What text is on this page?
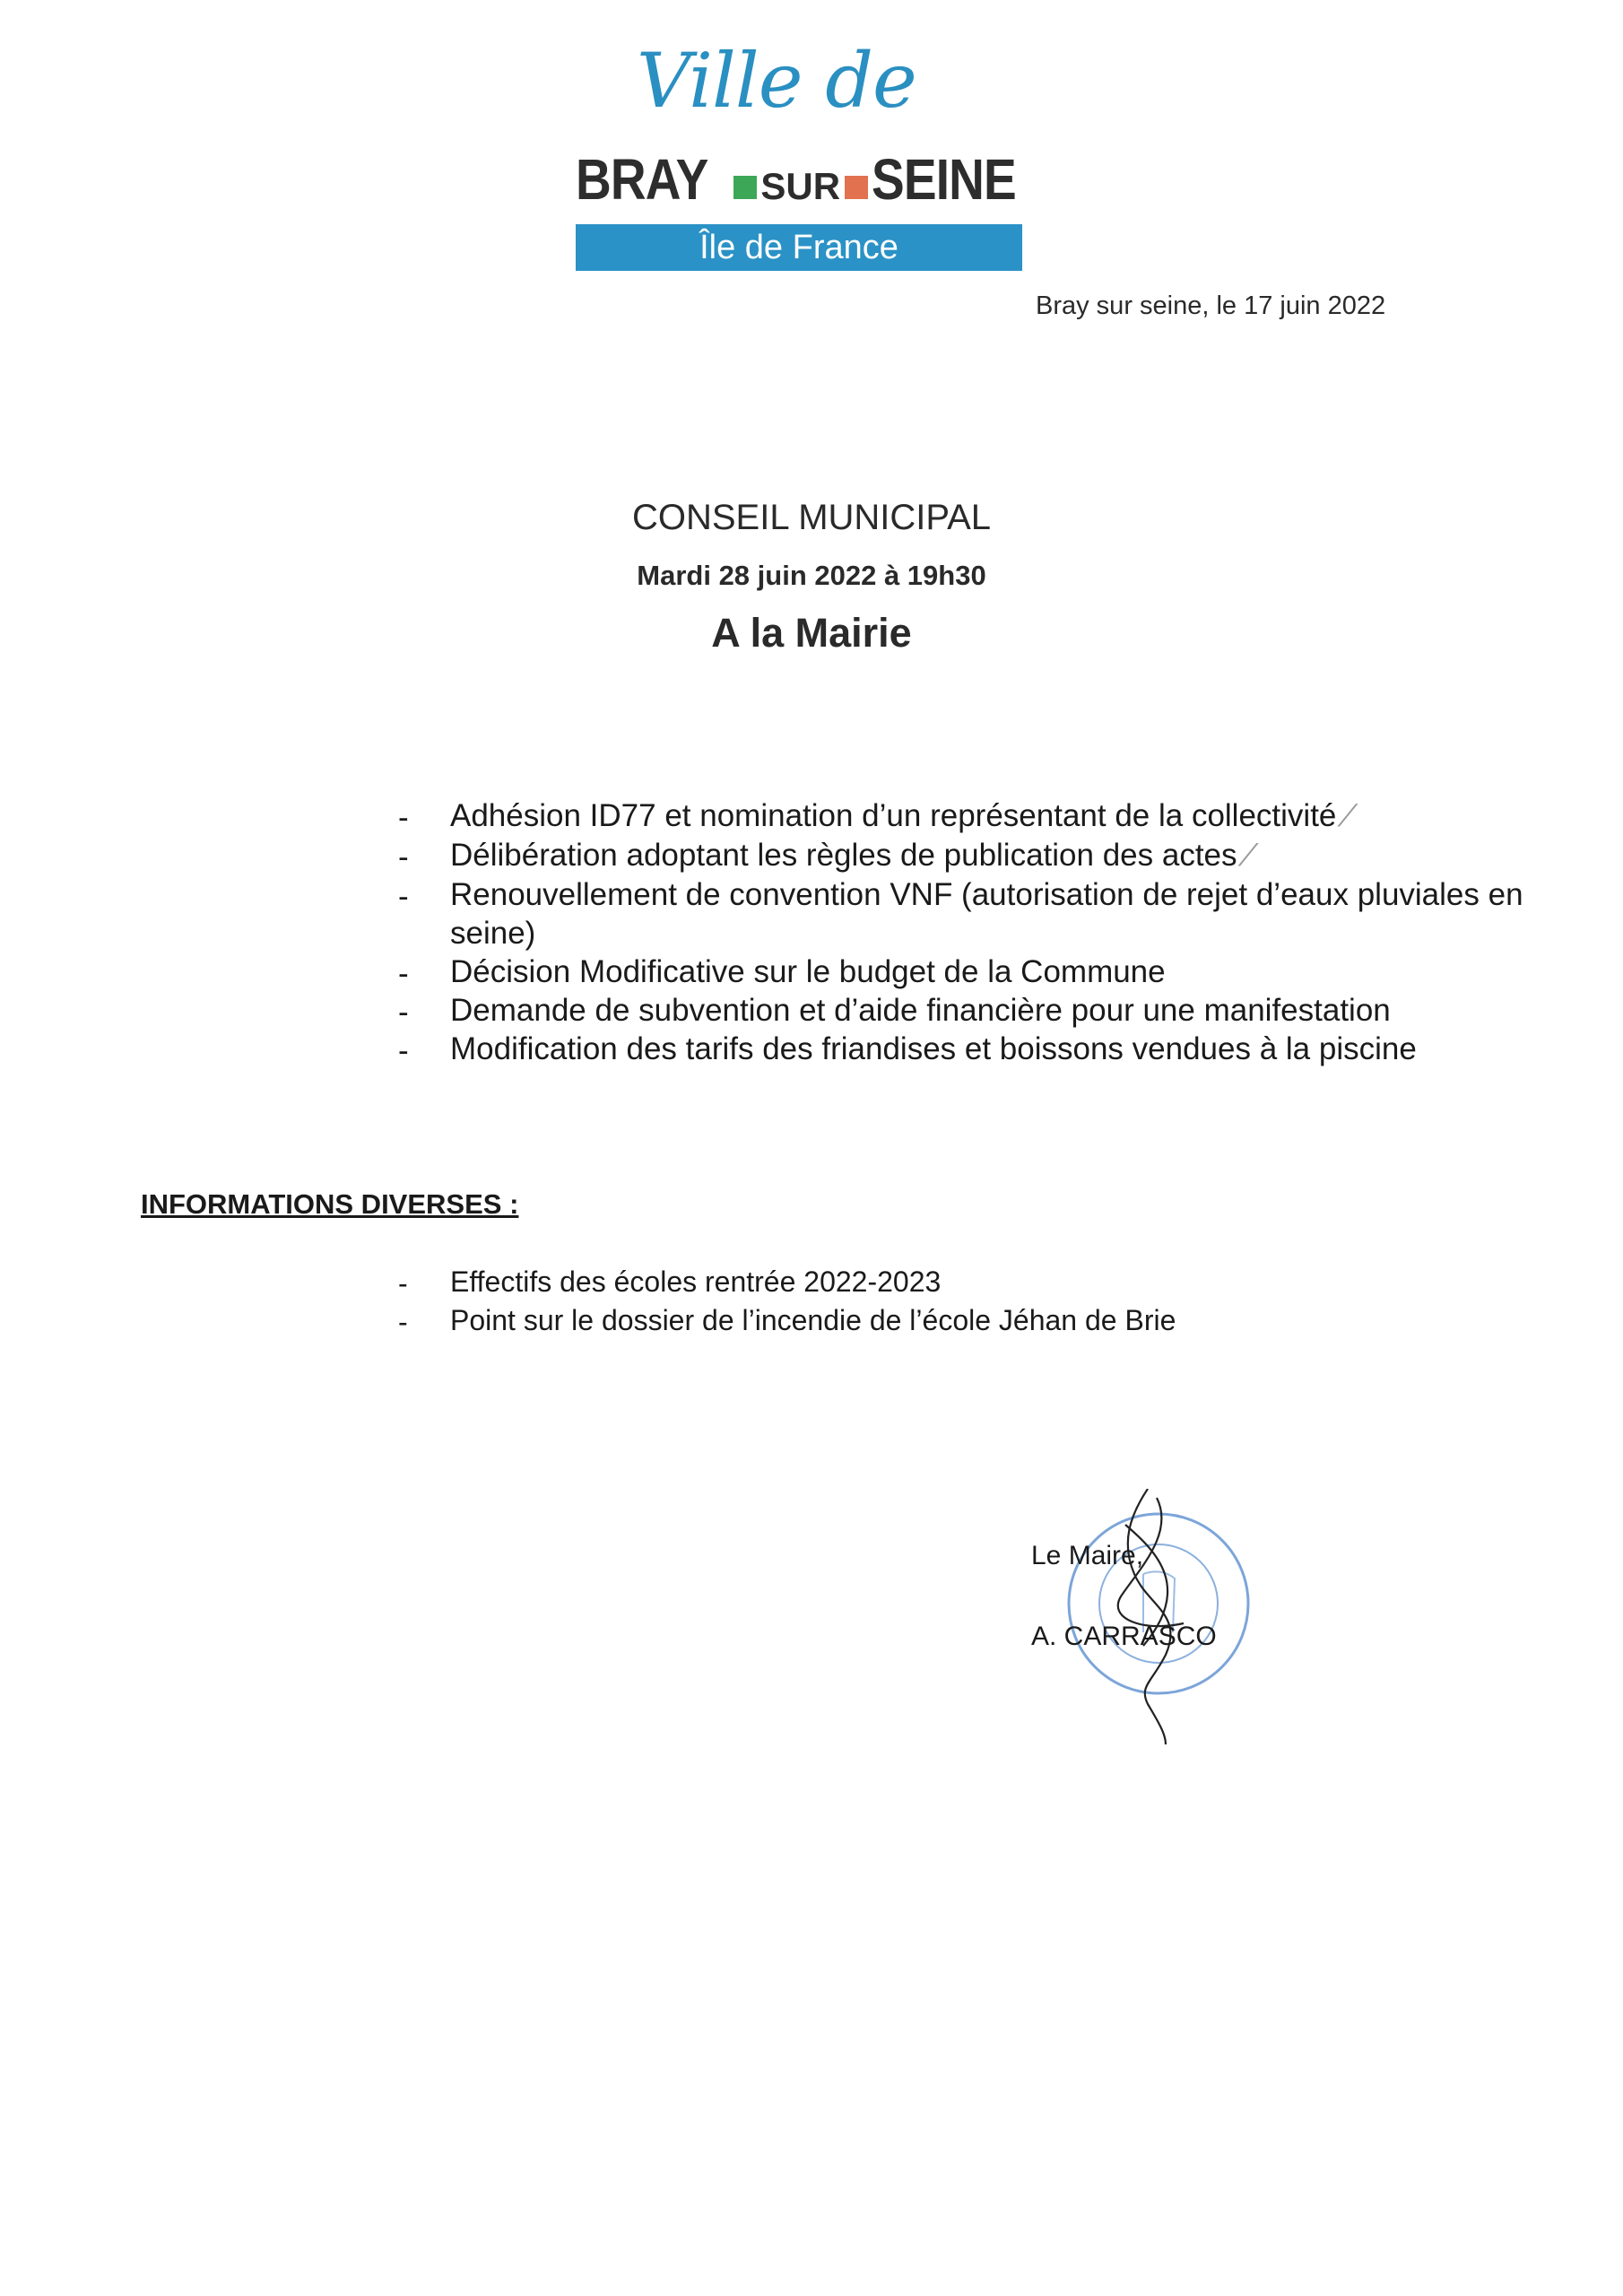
Ville de
BRAY SUR SEINE
Île de France
Bray sur seine, le 17 juin 2022
CONSEIL MUNICIPAL
Mardi 28 juin 2022 à 19h30
A la Mairie
- Adhésion ID77 et nomination d’un représentant de la collectivité ⁄
- Délibération adoptant les règles de publication des actes ⁄
- Renouvellement de convention VNF (autorisation de rejet d’eaux pluviales en seine)
- Décision Modificative sur le budget de la Commune
- Demande de subvention et d’aide financière pour une manifestation
- Modification des tarifs des friandises et boissons vendues à la piscine
INFORMATIONS DIVERSES :
- Effectifs des écoles rentrée 2022-2023
- Point sur le dossier de l’incendie de l’école Jéhan de Brie
Le Maire,
A. CARRASCO
